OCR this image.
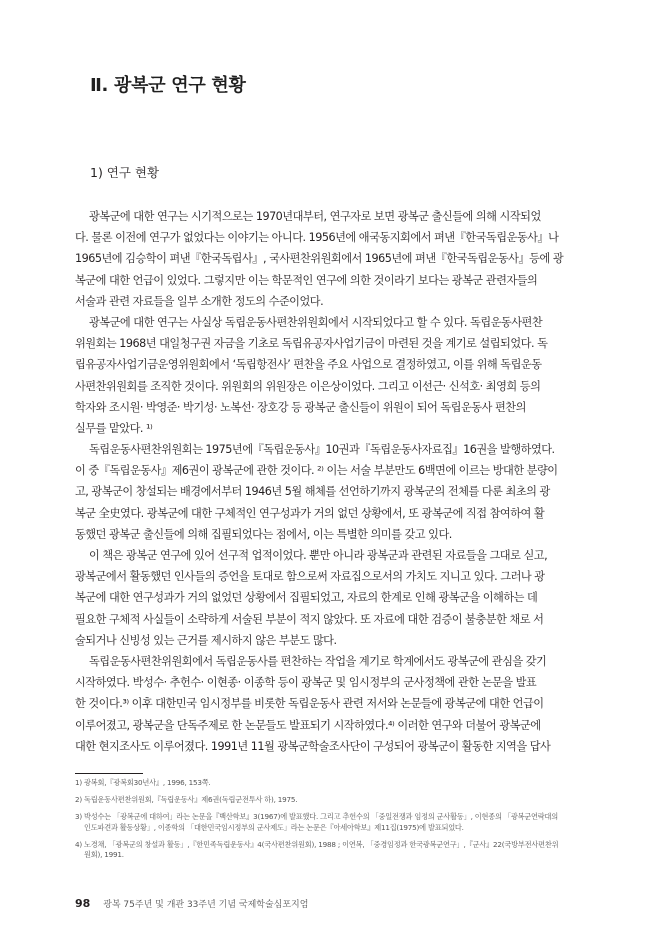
Ⅱ. 광복군 연구 현황
1) 연구 현황
광복군에 대한 연구는 시기적으로는 1970년대부터, 연구자로 보면 광복군 출신들에 의해 시작되었
다. 물론 이전에 연구가 없었다는 이야기는 아니다. 1956년에 애국동지회에서 펴낸『한국독립운동사』나
1965년에 김승학이 펴낸『한국독립사』, 국사편찬위원회에서 1965년에 펴낸『한국독립운동사』등에 광
복군에 대한 언급이 있었다. 그렇지만 이는 학문적인 연구에 의한 것이라기 보다는 광복군 관련자들의
서술과 관련 자료들을 일부 소개한 정도의 수준이었다.
광복군에 대한 연구는 사실상 독립운동사편찬위원회에서 시작되었다고 할 수 있다. 독립운동사편찬
위원회는 1968년 대일청구권 자금을 기초로 독립유공자사업기금이 마련된 것을 계기로 설립되었다. 독
립유공자사업기금운영위원회에서 ‘독립항전사’ 편찬을 주요 사업으로 결정하였고, 이를 위해 독립운동
사편찬위원회를 조직한 것이다. 위원회의 위원장은 이은상이었다. 그리고 이선근· 신석호· 최영희 등의
학자와 조시원· 박영준· 박기성· 노복선· 장호강 등 광복군 출신들이 위원이 되어 독립운동사 편찬의
실무를 맡았다. ¹⁾
독립운동사편찬위원회는 1975년에『독립운동사』10권과『독립운동사자료집』16권을 발행하였다.
이 중『독립운동사』제6권이 광복군에 관한 것이다. ²⁾ 이는 서술 부분만도 6백면에 이르는 방대한 분량이
고, 광복군이 창설되는 배경에서부터 1946년 5월 해체를 선언하기까지 광복군의 전체를 다룬 최초의 광
복군 全史였다. 광복군에 대한 구체적인 연구성과가 거의 없던 상황에서, 또 광복군에 직접 참여하여 활
동했던 광복군 출신들에 의해 집필되었다는 점에서, 이는 특별한 의미를 갖고 있다.
이 책은 광복군 연구에 있어 선구적 업적이었다. 뿐만 아니라 광복군과 관련된 자료들을 그대로 싣고,
광복군에서 활동했던 인사들의 증언을 토대로 함으로써 자료집으로서의 가치도 지니고 있다. 그러나 광
복군에 대한 연구성과가 거의 없었던 상황에서 집필되었고, 자료의 한계로 인해 광복군을 이해하는 데
필요한 구체적 사실들이 소략하게 서술된 부분이 적지 않았다. 또 자료에 대한 검증이 불충분한 채로 서
술되거나 신빙성 있는 근거를 제시하지 않은 부분도 많다.
독립운동사편찬위원회에서 독립운동사를 편찬하는 작업을 계기로 학계에서도 광복군에 관심을 갖기
시작하였다. 박성수· 추헌수· 이현종· 이종학 등이 광복군 및 임시정부의 군사정책에 관한 논문을 발표
한 것이다.³⁾ 이후 대한민국 임시정부를 비롯한 독립운동사 관련 저서와 논문들에 광복군에 대한 언급이
이루어졌고, 광복군을 단독주제로 한 논문들도 발표되기 시작하였다.⁴⁾ 이러한 연구와 더불어 광복군에
대한 현지조사도 이루어졌다. 1991년 11월 광복군학술조사단이 구성되어 광복군이 활동한 지역을 답사
1) 광복회,『광복회30년사』, 1996, 153쪽.
2) 독립운동사편찬위원회,『독립운동사』제6권(독립군전투사 하), 1975.
3) 박성수는 「광복군에 대하여」라는 논문을『백산학보』3(1967)에 발표했다. 그리고 추헌수의 「중일전쟁과 임정의 군사활동」, 이현종의 「광복군연락대의
인도파견과 활동상황」, 이종학의 「대한민국임시정부의 군사제도」라는 논문은『아세아학보』제11집(1975)에 발표되었다.
4) 노경채, 「광복군의 창설과 활동」,『한민족독립운동사』4(국사편찬위원회), 1988 ; 이연복, 「중경임정과 한국광복군연구」,『군사』22(국방부전사편찬위
원회), 1991.
98 광복 75주년 및 개관 33주년 기념 국제학술심포지엄
